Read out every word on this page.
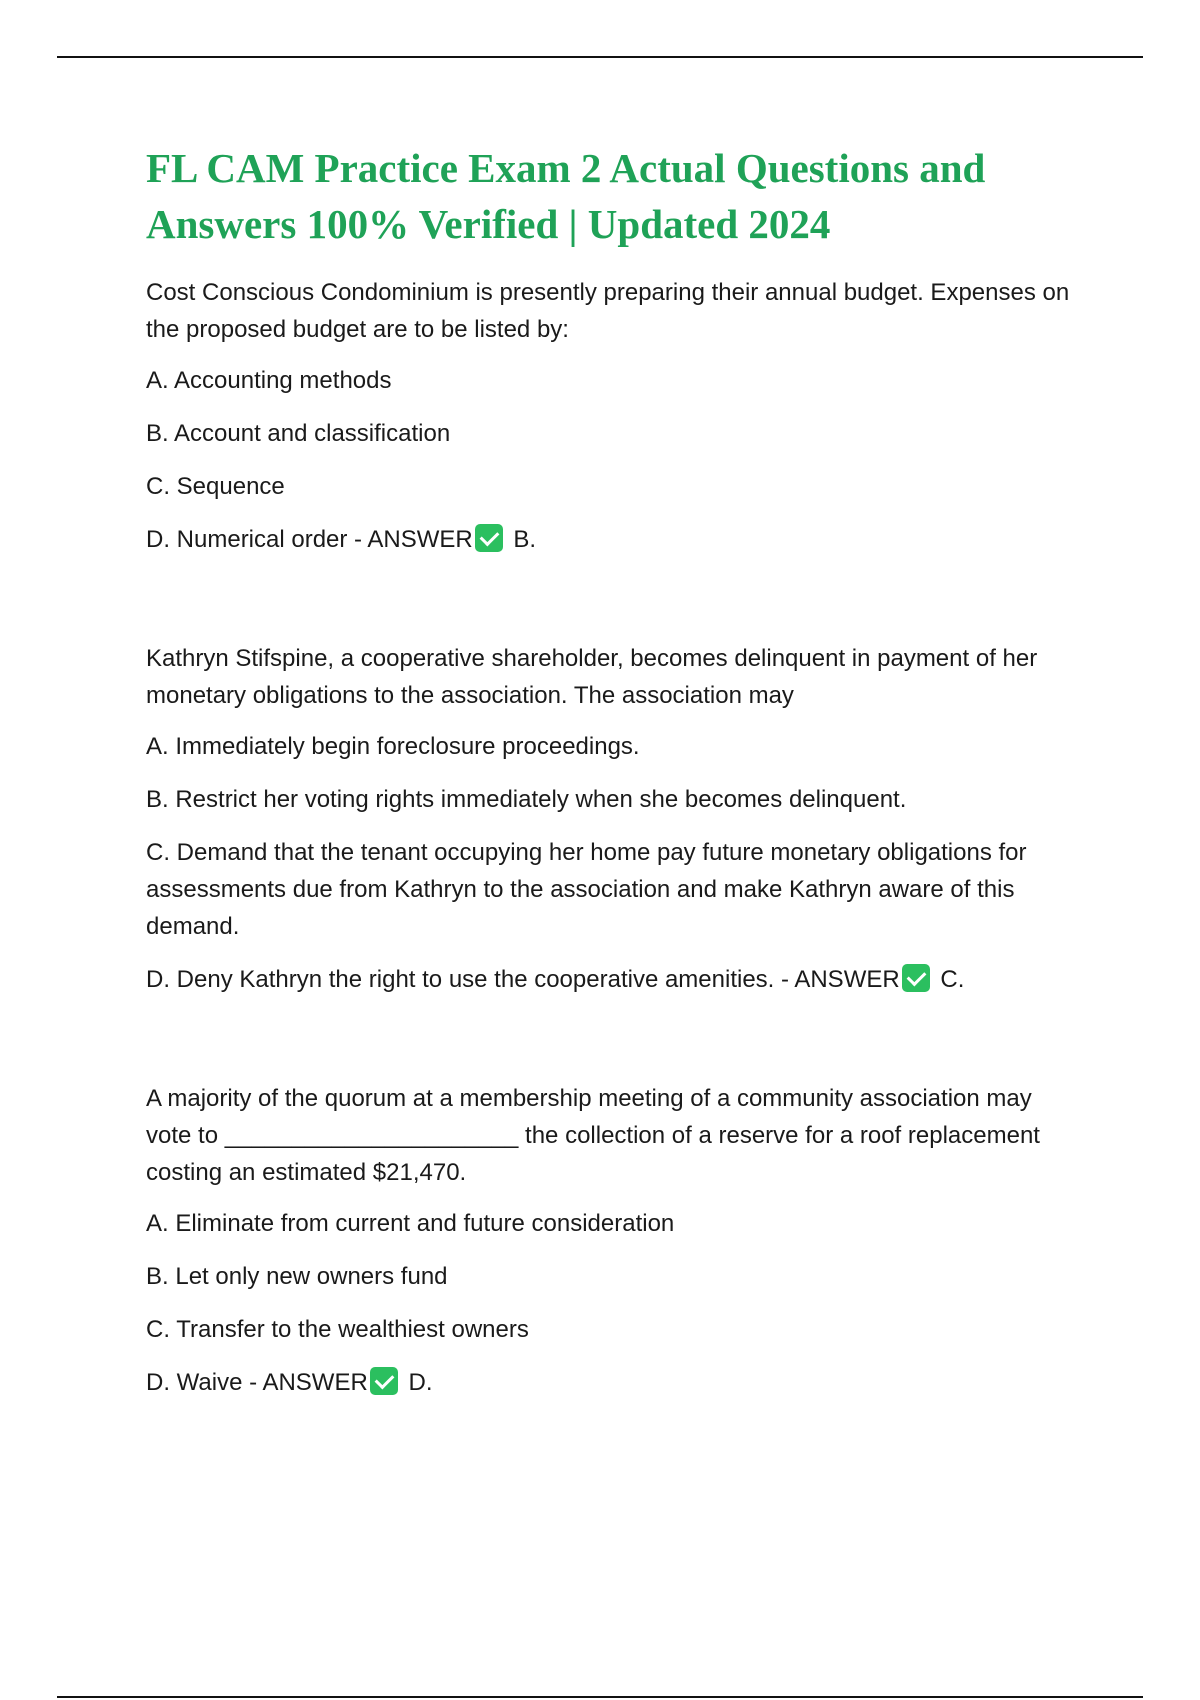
FL CAM Practice Exam 2 Actual Questions and Answers 100% Verified | Updated 2024

Cost Conscious Condominium is presently preparing their annual budget. Expenses on the proposed budget are to be listed by:

A. Accounting methods

B. Account and classification

C. Sequence

D. Numerical order - ANSWER B.

Kathryn Stifspine, a cooperative shareholder, becomes delinquent in payment of her monetary obligations to the association. The association may

A. Immediately begin foreclosure proceedings.

B. Restrict her voting rights immediately when she becomes delinquent.

C. Demand that the tenant occupying her home pay future monetary obligations for assessments due from Kathryn to the association and make Kathryn aware of this demand.

D. Deny Kathryn the right to use the cooperative amenities. - ANSWER C.

A majority of the quorum at a membership meeting of a community association may vote to ______________________ the collection of a reserve for a roof replacement costing an estimated $21,470.

A. Eliminate from current and future consideration

B. Let only new owners fund

C. Transfer to the wealthiest owners

D. Waive - ANSWER D.
